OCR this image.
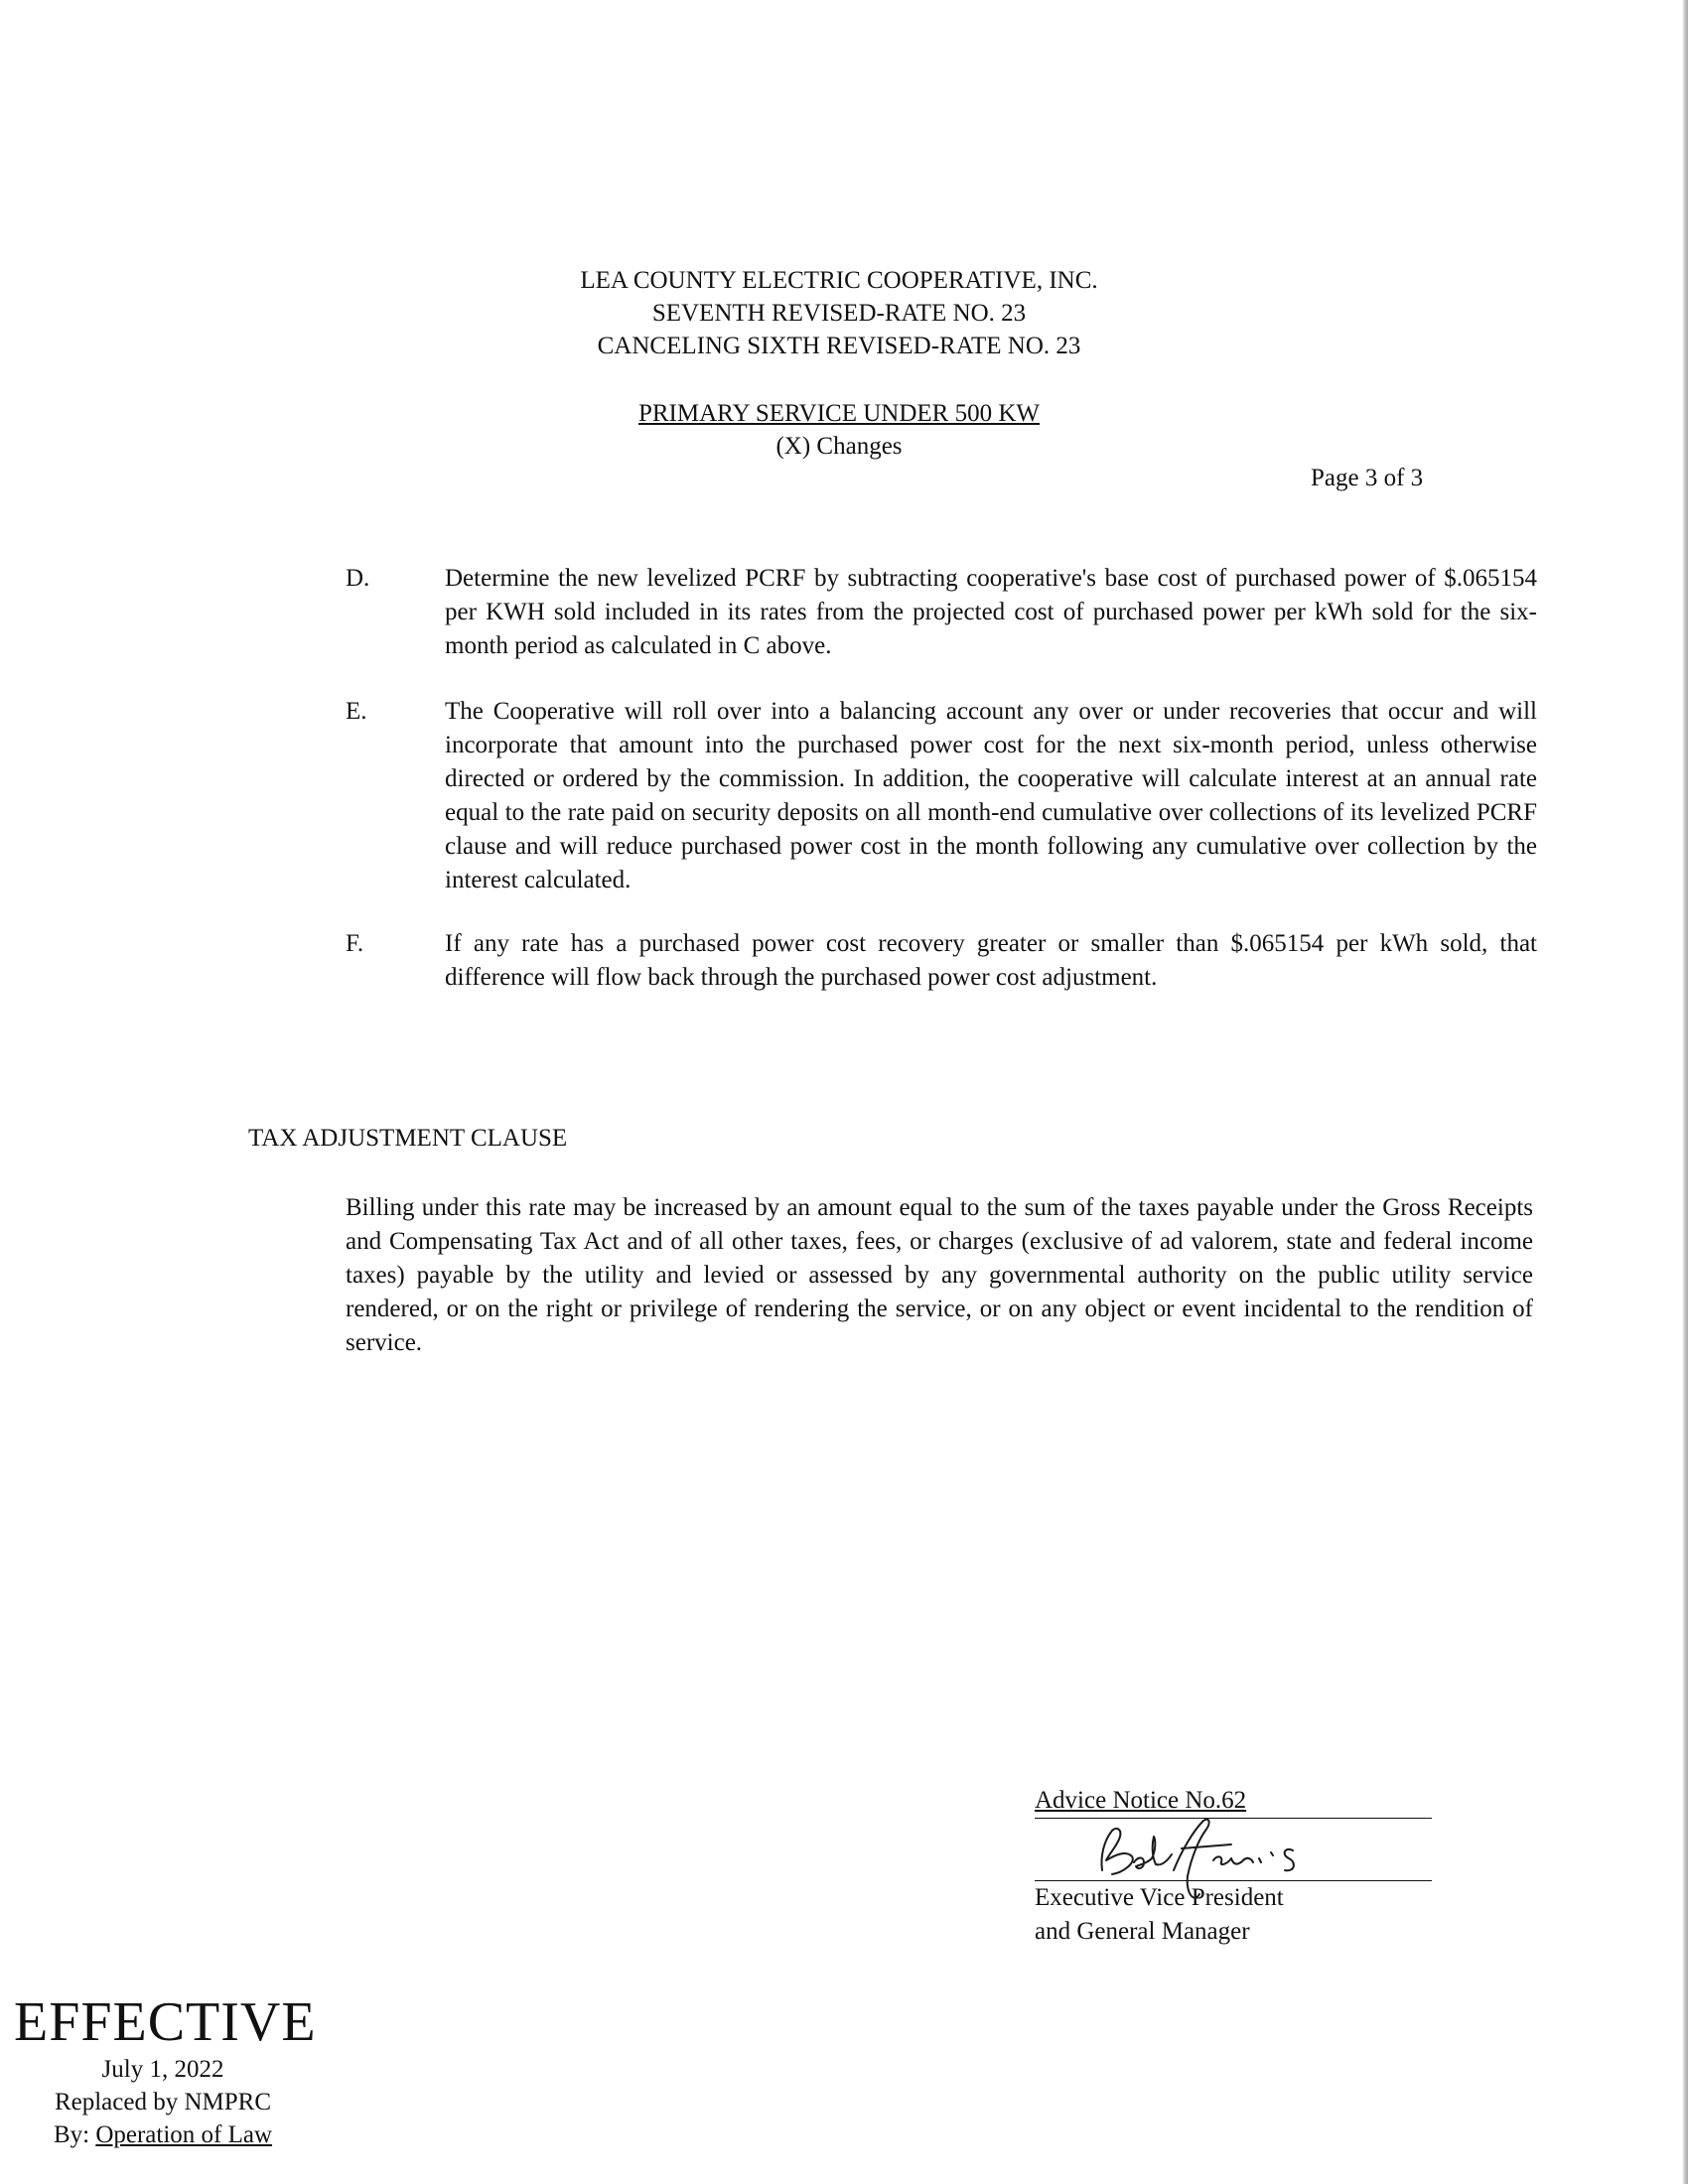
LEA COUNTY ELECTRIC COOPERATIVE, INC.
SEVENTH REVISED-RATE NO. 23
CANCELING SIXTH REVISED-RATE NO. 23
PRIMARY SERVICE UNDER 500 KW
(X) Changes
Page 3 of 3
D.	Determine the new levelized PCRF by subtracting cooperative's base cost of purchased power of $.065154 per KWH sold included in its rates from the projected cost of purchased power per kWh sold for the six-month period as calculated in C above.
E.	The Cooperative will roll over into a balancing account any over or under recoveries that occur and will incorporate that amount into the purchased power cost for the next six-month period, unless otherwise directed or ordered by the commission. In addition, the cooperative will calculate interest at an annual rate equal to the rate paid on security deposits on all month-end cumulative over collections of its levelized PCRF clause and will reduce purchased power cost in the month following any cumulative over collection by the interest calculated.
F.	If any rate has a purchased power cost recovery greater or smaller than $.065154 per kWh sold, that difference will flow back through the purchased power cost adjustment.
TAX ADJUSTMENT CLAUSE
Billing under this rate may be increased by an amount equal to the sum of the taxes payable under the Gross Receipts and Compensating Tax Act and of all other taxes, fees, or charges (exclusive of ad valorem, state and federal income taxes) payable by the utility and levied or assessed by any governmental authority on the public utility service rendered, or on the right or privilege of rendering the service, or on any object or event incidental to the rendition of service.
Advice Notice No.62
Executive Vice President
and General Manager
EFFECTIVE
July 1, 2022
Replaced by NMPRC
By: Operation of Law
